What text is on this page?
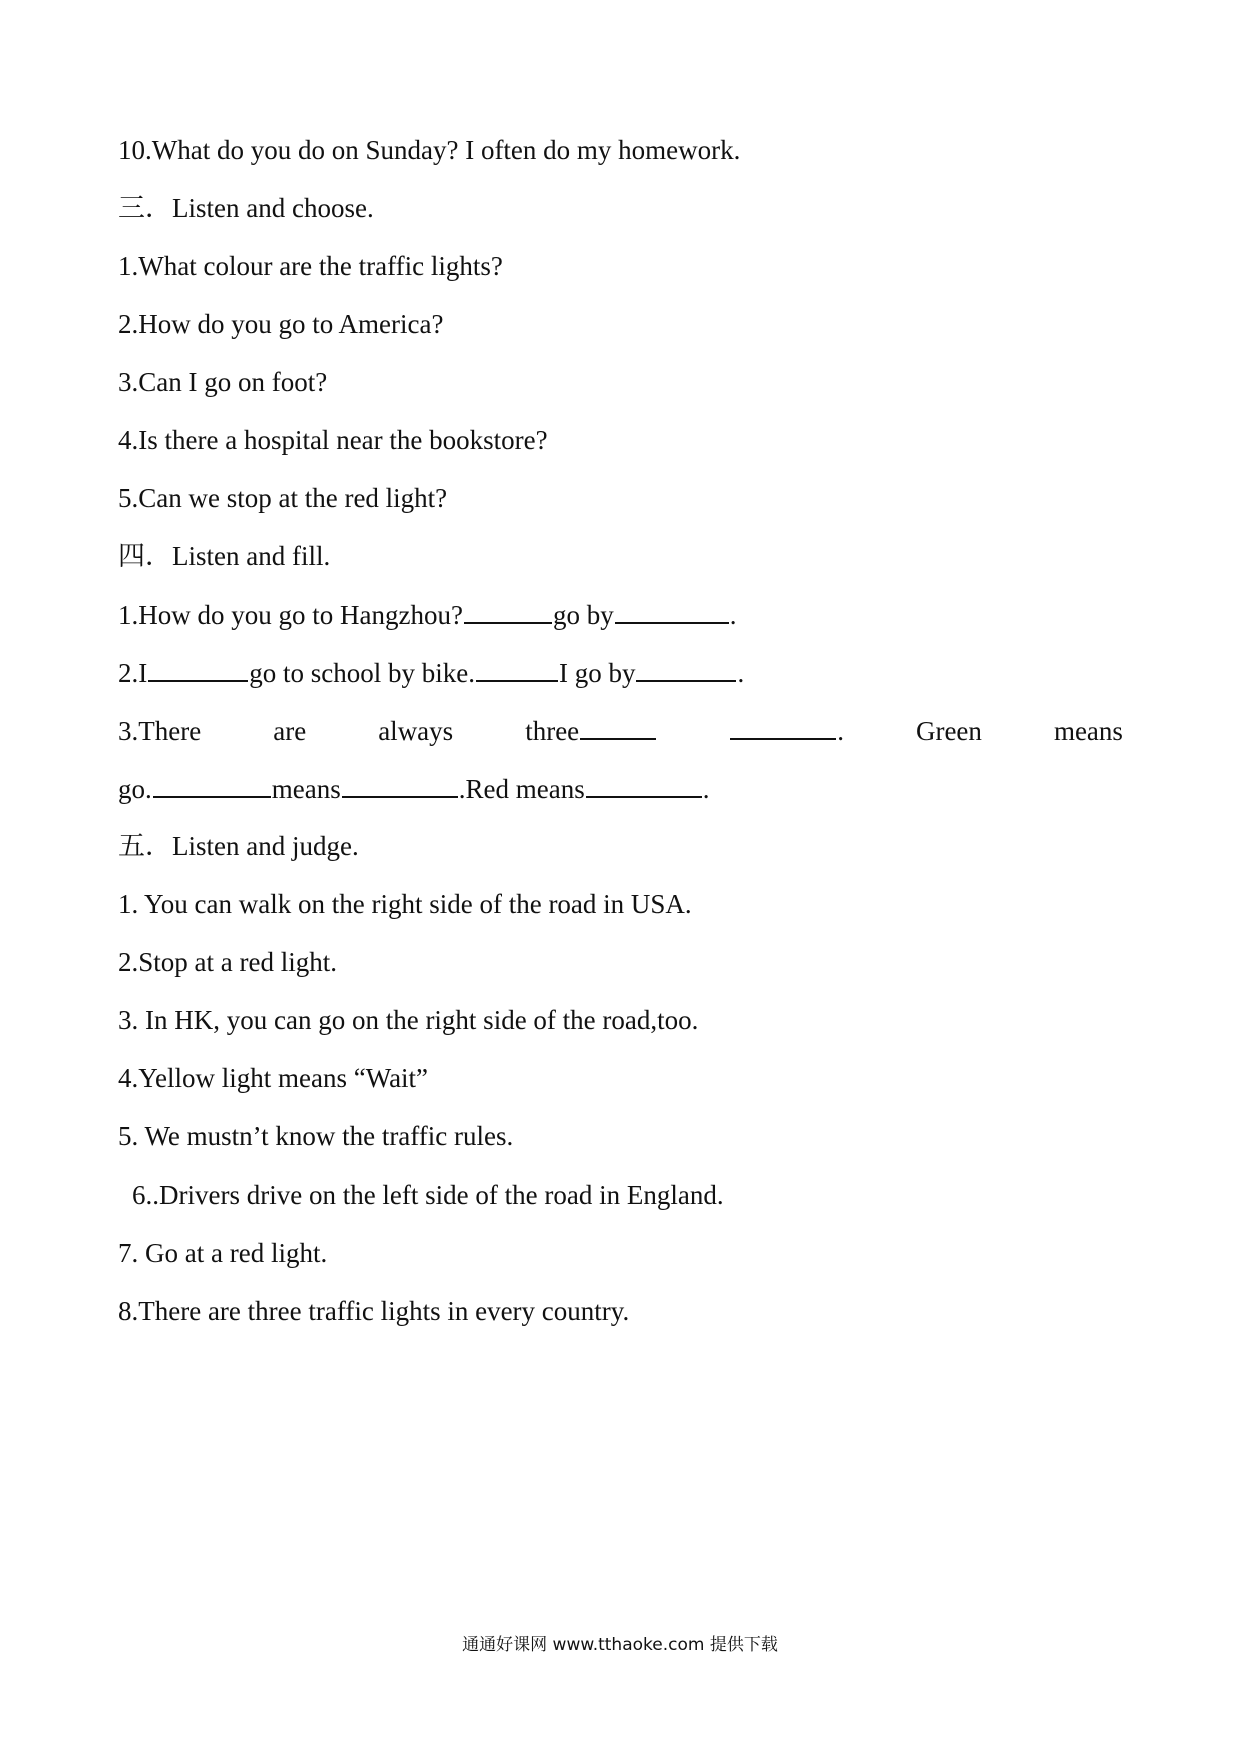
10.What do you do on Sunday? I often do my homework.

三．Listen and choose.

1.What colour are the traffic lights?

2.How do you go to America?

3.Can I go on foot?

4.Is there a hospital near the bookstore?

5.Can we stop at the red light?

四．Listen and fill.

1.How do you go to Hangzhou?	go by	.

2.I	go to school by bike.	I go by	.

3.There	are	always	three	.	Green	means

go.	means	.Red means	.

五．Listen and judge.

1. You can walk on the right side of the road in USA.

2.Stop at a red light.

3. In HK, you can go on the right side of the road,too.

4.Yellow light means “Wait”

5. We mustn’t know the traffic rules.

6..Drivers drive on the left side of the road in England.

7. Go at a red light.

8.There are three traffic lights in every country.

通通好课网 www.tthaoke.com 提供下载
